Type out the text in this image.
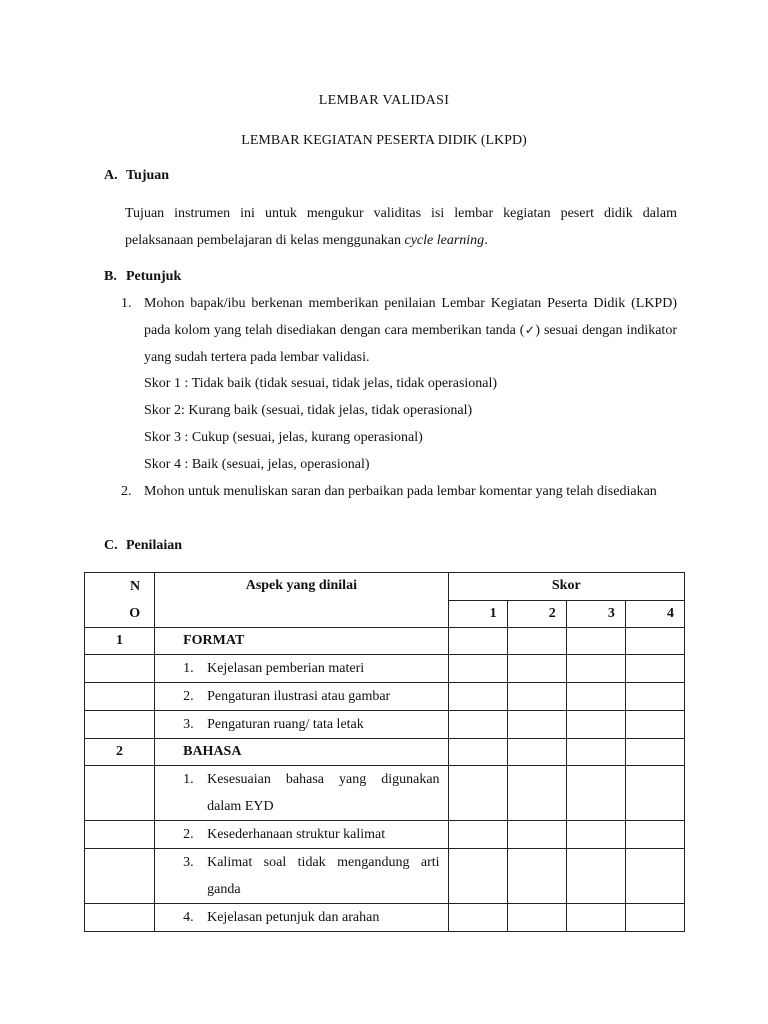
LEMBAR VALIDASI
LEMBAR KEGIATAN PESERTA DIDIK (LKPD)
A. Tujuan
Tujuan instrumen ini untuk mengukur validitas isi lembar kegiatan pesert didik dalam pelaksanaan pembelajaran di kelas menggunakan cycle learning.
B. Petunjuk
1. Mohon bapak/ibu berkenan memberikan penilaian Lembar Kegiatan Peserta Didik (LKPD) pada kolom yang telah disediakan dengan cara memberikan tanda (✓) sesuai dengan indikator yang sudah tertera pada lembar validasi.
Skor 1 : Tidak baik (tidak sesuai, tidak jelas, tidak operasional)
Skor 2: Kurang baik (sesuai, tidak jelas, tidak operasional)
Skor 3 : Cukup (sesuai, jelas, kurang operasional)
Skor 4 : Baik (sesuai, jelas, operasional)
2. Mohon untuk menuliskan saran dan perbaikan pada lembar komentar yang telah disediakan
C. Penilaian
N
O	Aspek yang dinilai	Skor			
		1	2	3	4
1	FORMAT				

	1. Kejelasan pemberian materi				

	2. Pengaturan ilustrasi atau gambar				

	3. Pengaturan ruang/ tata letak				
2	BAHASA				

	1. Kesesuaian bahasa yang digunakan dalam EYD				

	2. Kesederhanaan struktur kalimat				

	3. Kalimat soal tidak mengandung arti ganda				

	4. Kejelasan petunjuk dan arahan				
